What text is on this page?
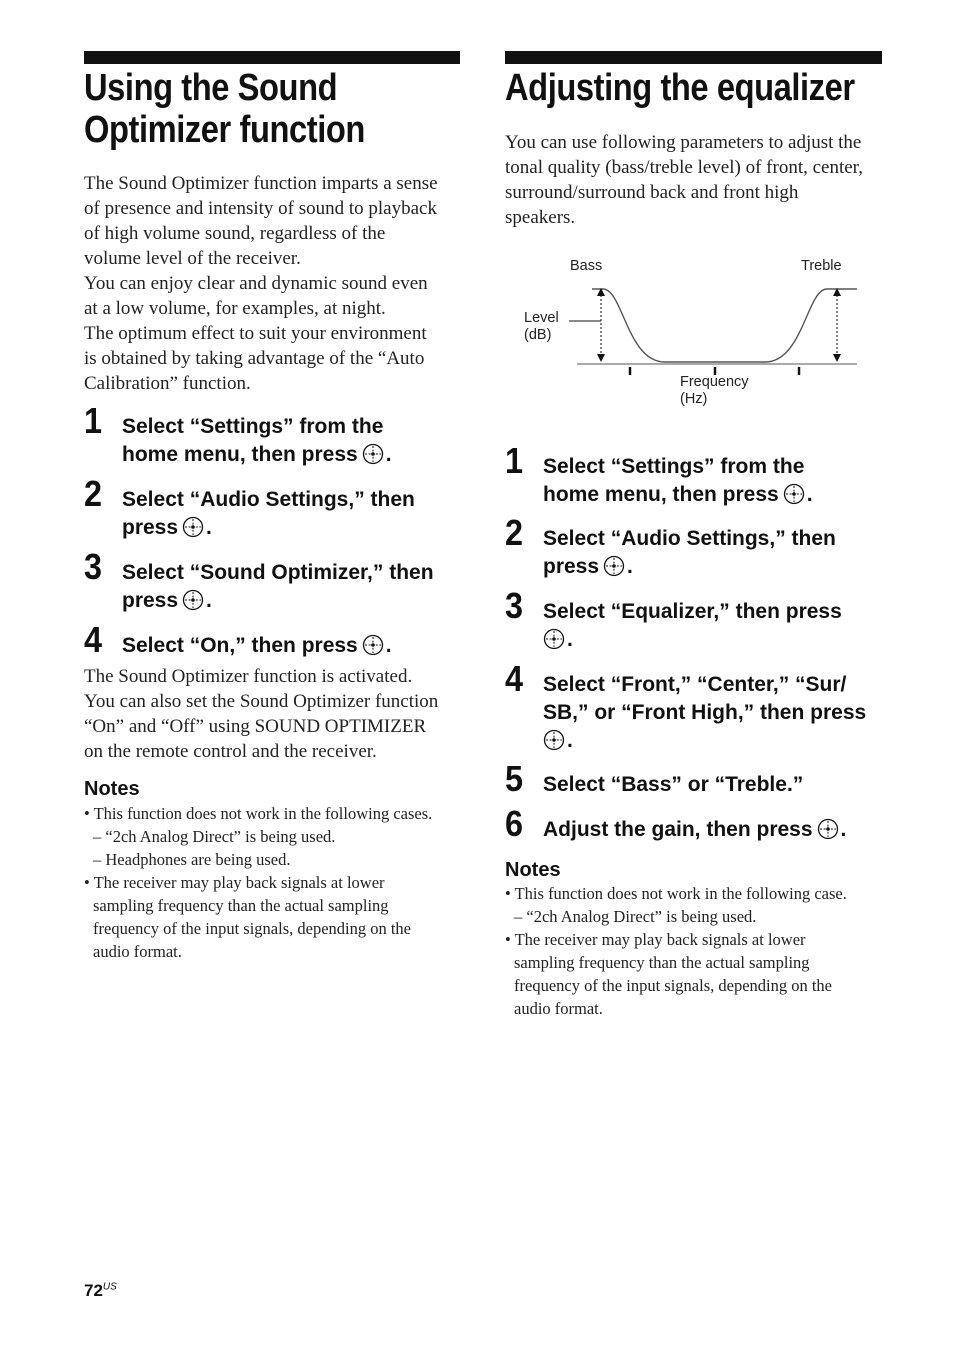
Using the Sound
Optimizer function
The Sound Optimizer function imparts a sense
of presence and intensity of sound to playback
of high volume sound, regardless of the
volume level of the receiver.
You can enjoy clear and dynamic sound even
at a low volume, for examples, at night.
The optimum effect to suit your environment
is obtained by taking advantage of the “Auto
Calibration” function.
1 Select “Settings” from the
home menu, then press .
2 Select “Audio Settings,” then
press .
3 Select “Sound Optimizer,” then
press .
4 Select “On,” then press .
The Sound Optimizer function is activated.
You can also set the Sound Optimizer function
“On” and “Off” using SOUND OPTIMIZER
on the remote control and the receiver.
Notes
• This function does not work in the following cases.
– “2ch Analog Direct” is being used.
– Headphones are being used.
• The receiver may play back signals at lower
sampling frequency than the actual sampling
frequency of the input signals, depending on the
audio format.
Adjusting the equalizer
You can use following parameters to adjust the
tonal quality (bass/treble level) of front, center,
surround/surround back and front high
speakers.
Bass	Treble
Level
(dB)
Frequency
(Hz)
1 Select “Settings” from the
home menu, then press .
2 Select “Audio Settings,” then
press .
3 Select “Equalizer,” then press
.
4 Select “Front,” “Center,” “Sur/
SB,” or “Front High,” then press
.
5 Select “Bass” or “Treble.”
6 Adjust the gain, then press .
Notes
• This function does not work in the following case.
– “2ch Analog Direct” is being used.
• The receiver may play back signals at lower
sampling frequency than the actual sampling
frequency of the input signals, depending on the
audio format.
$72^{US}$
